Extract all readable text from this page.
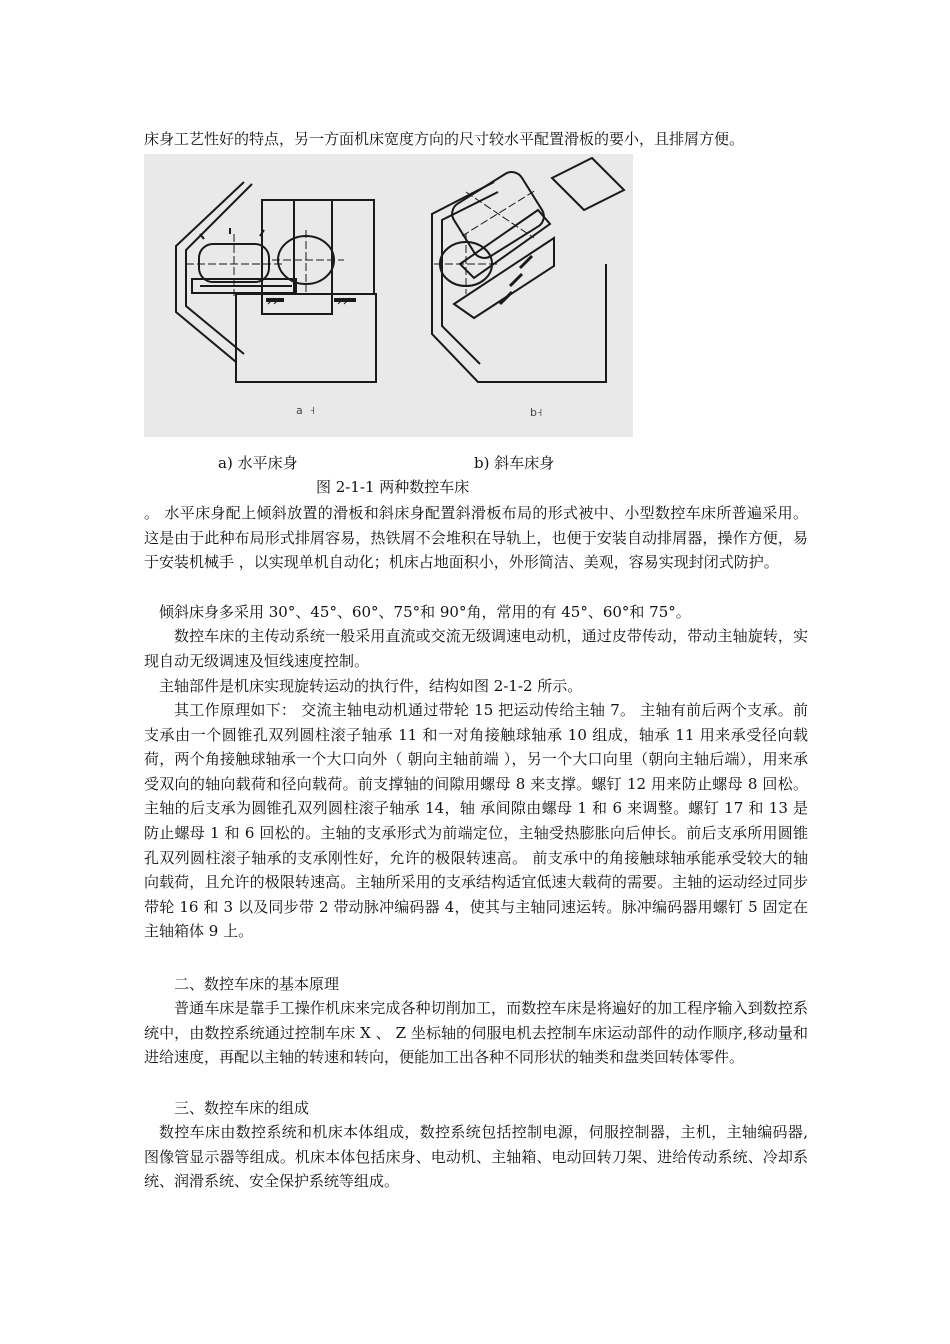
床身工艺性好的特点，另一方面机床宽度方向的尺寸较水平配置滑板的要小，且排屑方便。

a  ˧	b˧

a) 水平床身	b) 斜车床身

图 2-1-1 两种数控车床

。 水平床身配上倾斜放置的滑板和斜床身配置斜滑板布局的形式被中、小型数控车床所普遍采用。这是由于此种布局形式排屑容易，热铁屑不会堆积在导轨上，也便于安装自动排屑器，操作方便，易于安装机械手 ，以实现单机自动化；机床占地面积小，外形简洁、美观，容易实现封闭式防护。

倾斜床身多采用 30°、45°、60°、75°和 90°角，常用的有 45°、60°和 75°。

数控车床的主传动系统一般采用直流或交流无级调速电动机，通过皮带传动，带动主轴旋转，实现自动无级调速及恒线速度控制。

主轴部件是机床实现旋转运动的执行件，结构如图 2-1-2 所示。

其工作原理如下： 交流主轴电动机通过带轮 15 把运动传给主轴 7。 主轴有前后两个支承。前支承由一个圆锥孔双列圆柱滚子轴承 11 和一对角接触球轴承 10 组成，轴承 11 用来承受径向载荷，两个角接触球轴承一个大口向外（ 朝向主轴前端 ），另一个大口向里（朝向主轴后端），用来承受双向的轴向载荷和径向载荷。前支撑轴的间隙用螺母 8 来支撑。螺钉 12 用来防止螺母 8 回松。主轴的后支承为圆锥孔双列圆柱滚子轴承 14，轴 承间隙由螺母 1 和 6 来调整。螺钉 17 和 13 是防止螺母 1 和 6 回松的。主轴的支承形式为前端定位，主轴受热膨胀向后伸长。前后支承所用圆锥孔双列圆柱滚子轴承的支承刚性好，允许的极限转速高。 前支承中的角接触球轴承能承受较大的轴向载荷，且允许的极限转速高。主轴所采用的支承结构适宜低速大载荷的需要。主轴的运动经过同步带轮 16 和 3 以及同步带 2 带动脉冲编码器 4，使其与主轴同速运转。脉冲编码器用螺钉 5 固定在主轴箱体 9 上。

二、数控车床的基本原理

普通车床是靠手工操作机床来完成各种切削加工，而数控车床是将遍好的加工程序输入到数控系统中，由数控系统通过控制车床 X 、 Z 坐标轴的伺服电机去控制车床运动部件的动作顺序,移动量和进给速度，再配以主轴的转速和转向，便能加工出各种不同形状的轴类和盘类回转体零件。

三、数控车床的组成

数控车床由数控系统和机床本体组成，数控系统包括控制电源，伺服控制器，主机，主轴编码器,图像管显示器等组成。机床本体包括床身、电动机、主轴箱、电动回转刀架、进给传动系统、冷却系统、润滑系统、安全保护系统等组成。
